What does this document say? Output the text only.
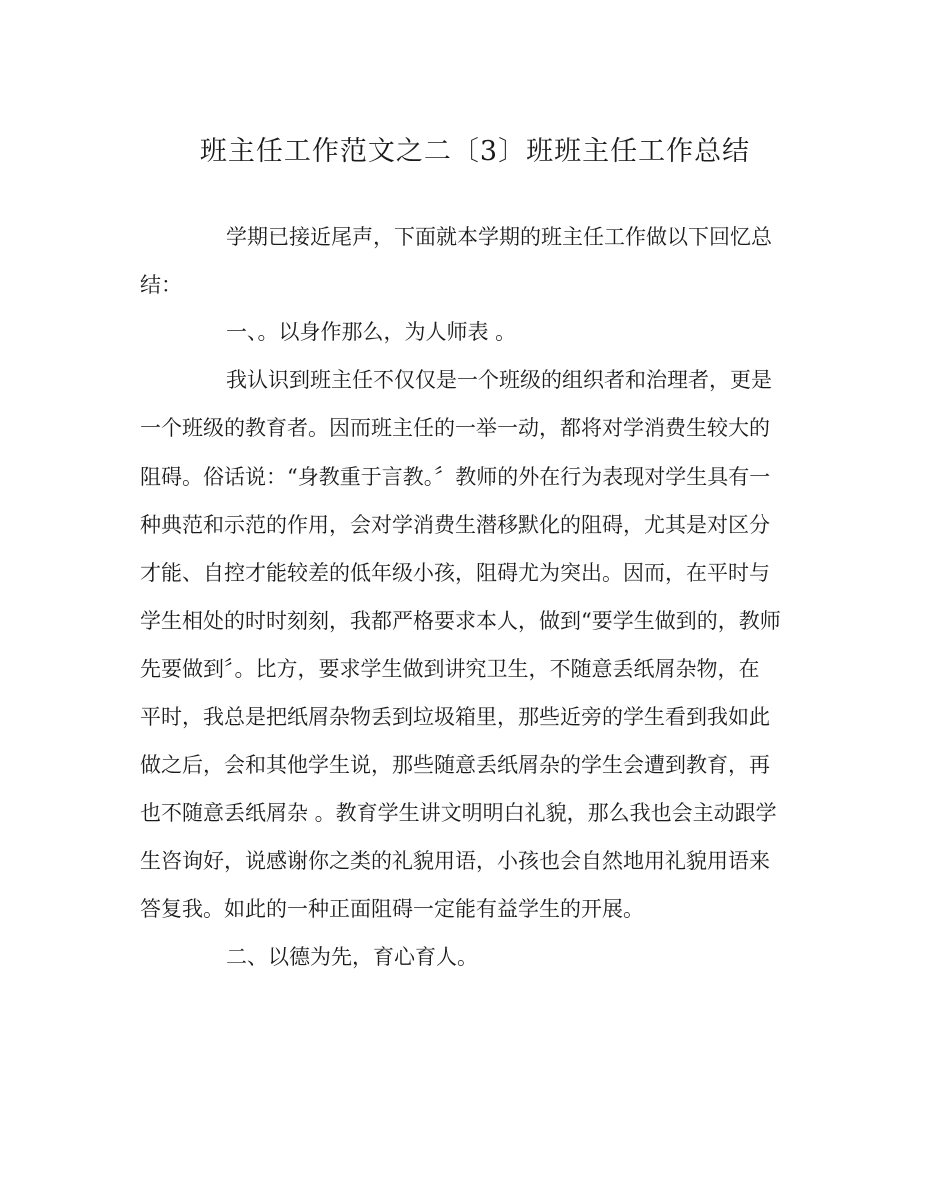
班主任工作范文之二〔3〕班班主任工作总结
学期已接近尾声，下面就本学期的班主任工作做以下回忆总
结：
一、。以身作那么，为人师表 。
我认识到班主任不仅仅是一个班级的组织者和治理者，更是
一个班级的教育者。因而班主任的一举一动，都将对学消费生较大的
阻碍。俗话说：“身教重于言教。〞教师的外在行为表现对学生具有一
种典范和示范的作用，会对学消费生潜移默化的阻碍，尤其是对区分
才能、自控才能较差的低年级小孩，阻碍尤为突出。因而，在平时与
学生相处的时时刻刻，我都严格要求本人，做到“要学生做到的，教师
先要做到〞。比方，要求学生做到讲究卫生，不随意丢纸屑杂物，在
平时，我总是把纸屑杂物丢到垃圾箱里，那些近旁的学生看到我如此
做之后，会和其他学生说，那些随意丢纸屑杂的学生会遭到教育，再
也不随意丢纸屑杂 。教育学生讲文明明白礼貌，那么我也会主动跟学
生咨询好，说感谢你之类的礼貌用语，小孩也会自然地用礼貌用语来
答复我。如此的一种正面阻碍一定能有益学生的开展。
二、以德为先，育心育人。
